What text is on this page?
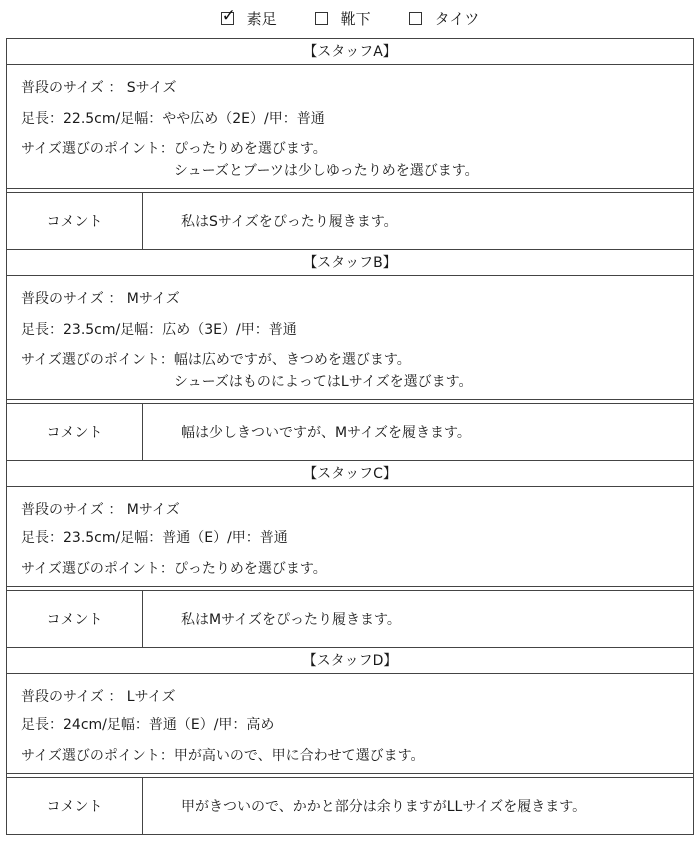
✓
素足	靴下	タイツ
【スタッフA】
普段のサイズ ： Sサイズ
足長：22.5cm/足幅：やや広め（2E）/甲：普通
サイズ選びのポイント： ぴったりめを選びます。
シューズとブーツは少しゆったりめを選びます。
コメント	私はSサイズをぴったり履きます。
【スタッフB】
普段のサイズ ： Mサイズ
足長：23.5cm/足幅：広め（3E）/甲：普通
サイズ選びのポイント： 幅は広めですが、きつめを選びます。
シューズはものによってはLサイズを選びます。
コメント	幅は少しきついですが、Mサイズを履きます。
【スタッフC】
普段のサイズ ： Mサイズ
足長：23.5cm/足幅：普通（E）/甲：普通
サイズ選びのポイント： ぴったりめを選びます。
コメント	私はMサイズをぴったり履きます。
【スタッフD】
普段のサイズ ： Lサイズ
足長：24cm/足幅：普通（E）/甲：高め
サイズ選びのポイント： 甲が高いので、甲に合わせて選びます。
コメント	甲がきついので、かかと部分は余りますがLLサイズを履きます。
